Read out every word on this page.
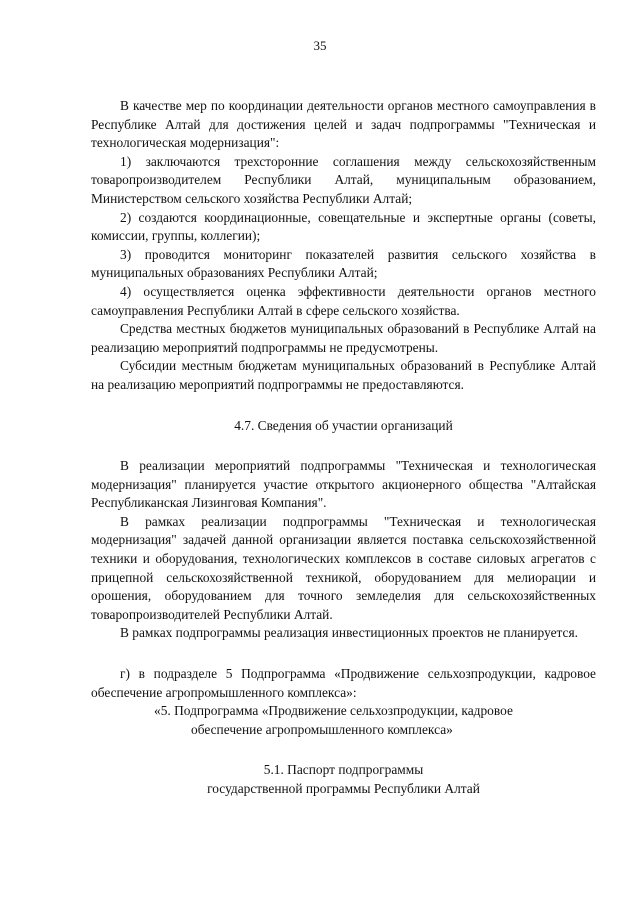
35

В качестве мер по координации деятельности органов местного самоуправления в Республике Алтай для достижения целей и задач подпрограммы "Техническая и технологическая модернизация":

1) заключаются трехсторонние соглашения между сельскохозяйственным товаропроизводителем Республики Алтай, муниципальным образованием, Министерством сельского хозяйства Республики Алтай;

2) создаются координационные, совещательные и экспертные органы (советы, комиссии, группы, коллегии);

3) проводится мониторинг показателей развития сельского хозяйства в муниципальных образованиях Республики Алтай;

4) осуществляется оценка эффективности деятельности органов местного самоуправления Республики Алтай в сфере сельского хозяйства.

Средства местных бюджетов муниципальных образований в Республике Алтай на реализацию мероприятий подпрограммы не предусмотрены.

Субсидии местным бюджетам муниципальных образований в Республике Алтай на реализацию мероприятий подпрограммы не предоставляются.

4.7. Сведения об участии организаций

В реализации мероприятий подпрограммы "Техническая и технологическая модернизация" планируется участие открытого акционерного общества "Алтайская Республиканская Лизинговая Компания".

В рамках реализации подпрограммы "Техническая и технологическая модернизация" задачей данной организации является поставка сельскохозяйственной техники и оборудования, технологических комплексов в составе силовых агрегатов с прицепной сельскохозяйственной техникой, оборудованием для мелиорации и орошения, оборудованием для точного земледелия для сельскохозяйственных товаропроизводителей Республики Алтай.

В рамках подпрограммы реализация инвестиционных проектов не планируется.

г) в подразделе 5 Подпрограмма «Продвижение сельхозпродукции, кадровое обеспечение агропромышленного комплекса»:

«5. Подпрограмма «Продвижение сельхозпродукции, кадровое

обеспечение агропромышленного комплекса»

5.1. Паспорт подпрограммы

государственной программы Республики Алтай
